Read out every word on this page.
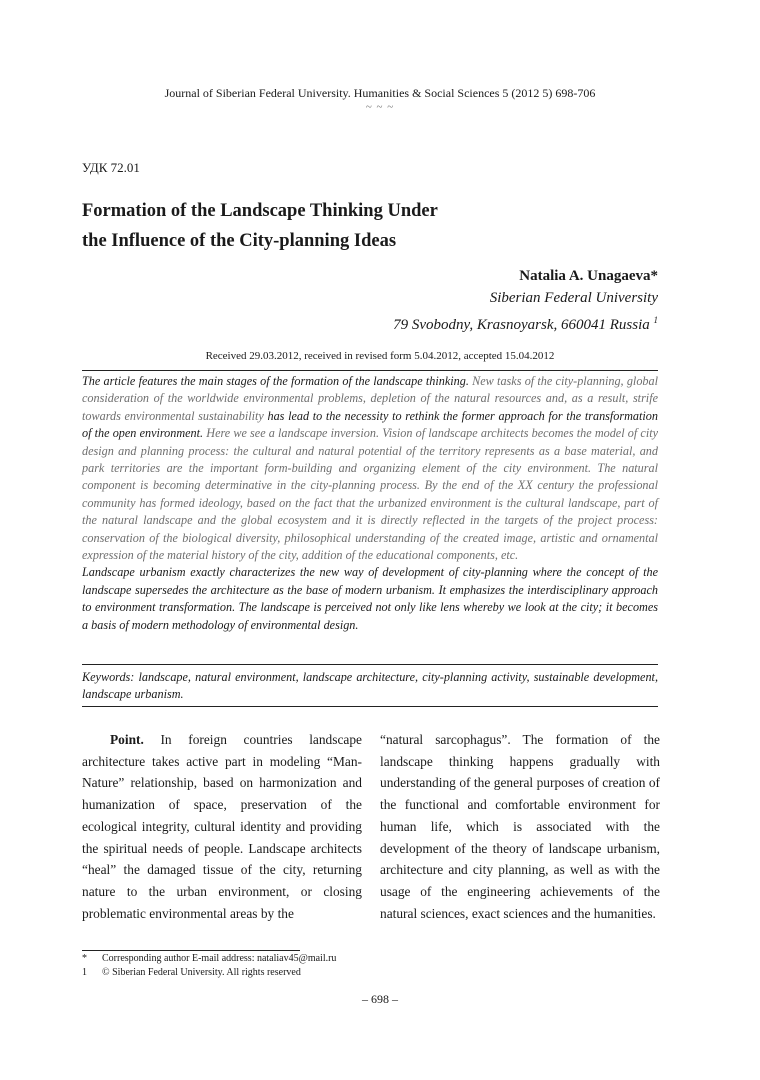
Journal of Siberian Federal University. Humanities & Social Sciences 5 (2012 5) 698-706
~ ~ ~
УДК 72.01
Formation of the Landscape Thinking Under
the Influence of the City-planning Ideas
Natalia A. Unagaeva*
Siberian Federal University
79 Svobodny, Krasnoyarsk, 660041 Russia $^1$
Received 29.03.2012, received in revised form 5.04.2012, accepted 15.04.2012

The article features the main stages of the formation of the landscape thinking. New tasks of the city-planning, global consideration of the worldwide environmental problems, depletion of the natural resources and, as a result, strife towards environmental sustainability has lead to the necessity to rethink the former approach for the transformation of the open environment. Here we see a landscape inversion. Vision of landscape architects becomes the model of city design and planning process: the cultural and natural potential of the territory represents as a base material, and park territories are the important form-building and organizing element of the city environment. The natural component is becoming determinative in the city-planning process. By the end of the XX century the professional community has formed ideology, based on the fact that the urbanized environment is the cultural landscape, part of the natural landscape and the global ecosystem and it is directly reflected in the targets of the project process: conservation of the biological diversity, philosophical understanding of the created image, artistic and ornamental expression of the material history of the city, addition of the educational components, etc.

Landscape urbanism exactly characterizes the new way of development of city-planning where the concept of the landscape supersedes the architecture as the base of modern urbanism. It emphasizes the interdisciplinary approach to environment transformation. The landscape is perceived not only like lens whereby we look at the city; it becomes a basis of modern methodology of environmental design.

Keywords: landscape, natural environment, landscape architecture, city-planning activity, sustainable development, landscape urbanism.

Point. In foreign countries landscape architecture takes active part in modeling “Man-Nature” relationship, based on harmonization and humanization of space, preservation of the ecological integrity, cultural identity and providing the spiritual needs of people. Landscape architects “heal” the damaged tissue of the city, returning nature to the urban environment, or closing problematic environmental areas by the

“natural sarcophagus”. The formation of the landscape thinking happens gradually with understanding of the general purposes of creation of the functional and comfortable environment for human life, which is associated with the development of the theory of landscape urbanism, architecture and city planning, as well as with the usage of the engineering achievements of the natural sciences, exact sciences and the humanities.

* Corresponding author E-mail address: nataliav45@mail.ru
1 © Siberian Federal University. All rights reserved
– 698 –
